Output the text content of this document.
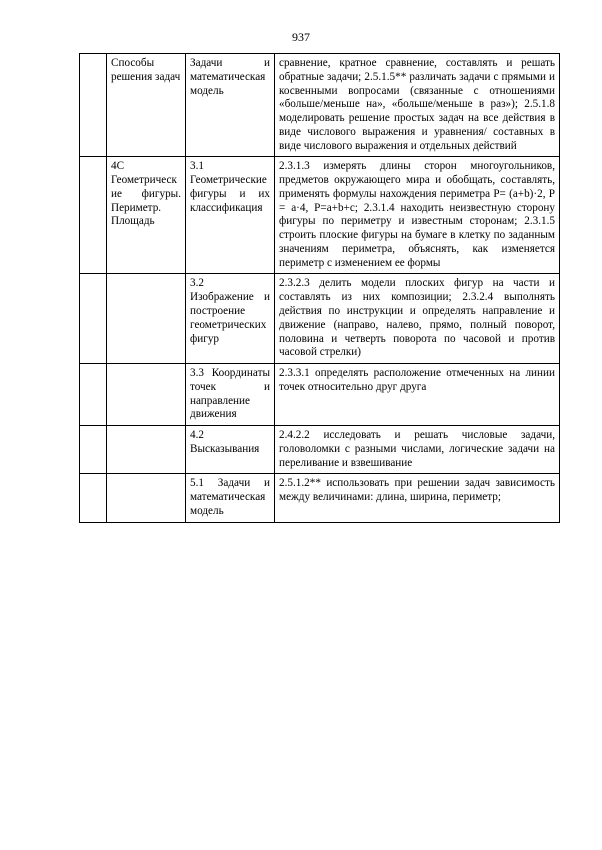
937
	Способы решения задач	Задачи и математическая модель	сравнение, кратное сравнение, составлять и решать обратные задачи; 2.5.1.5** различать задачи с прямыми и косвенными вопросами (связанные с отношениями «больше/меньше на», «больше/меньше в раз»); 2.5.1.8 моделировать решение простых задач на все действия в виде числового выражения и уравнения/ составных в виде числового выражения и отдельных действий
	4С Геометрические фигуры. Периметр. Площадь	3.1 Геометрические фигуры и их классификация	2.3.1.3 измерять длины сторон многоугольников, предметов окружающего мира и обобщать, составлять, применять формулы нахождения периметра P= (a+b)·2, P = a·4, P=a+b+c; 2.3.1.4 находить неизвестную сторону фигуры по периметру и известным сторонам; 2.3.1.5 строить плоские фигуры на бумаге в клетку по заданным значениям периметра, объяснять, как изменяется периметр с изменением ее формы
		3.2 Изображение и построение геометрических фигур	2.3.2.3 делить модели плоских фигур на части и составлять из них композиции; 2.3.2.4 выполнять действия по инструкции и определять направление и движение (направо, налево, прямо, полный поворот, половина и четверть поворота по часовой и против часовой стрелки)
		3.3 Координаты точек и направление движения	2.3.3.1 определять расположение отмеченных на линии точек относительно друг друга
		4.2 Высказывания	2.4.2.2 исследовать и решать числовые задачи, головоломки с разными числами, логические задачи на переливание и взвешивание
		5.1 Задачи и математическая модель	2.5.1.2** использовать при решении задач зависимость между величинами: длина, ширина, периметр;
